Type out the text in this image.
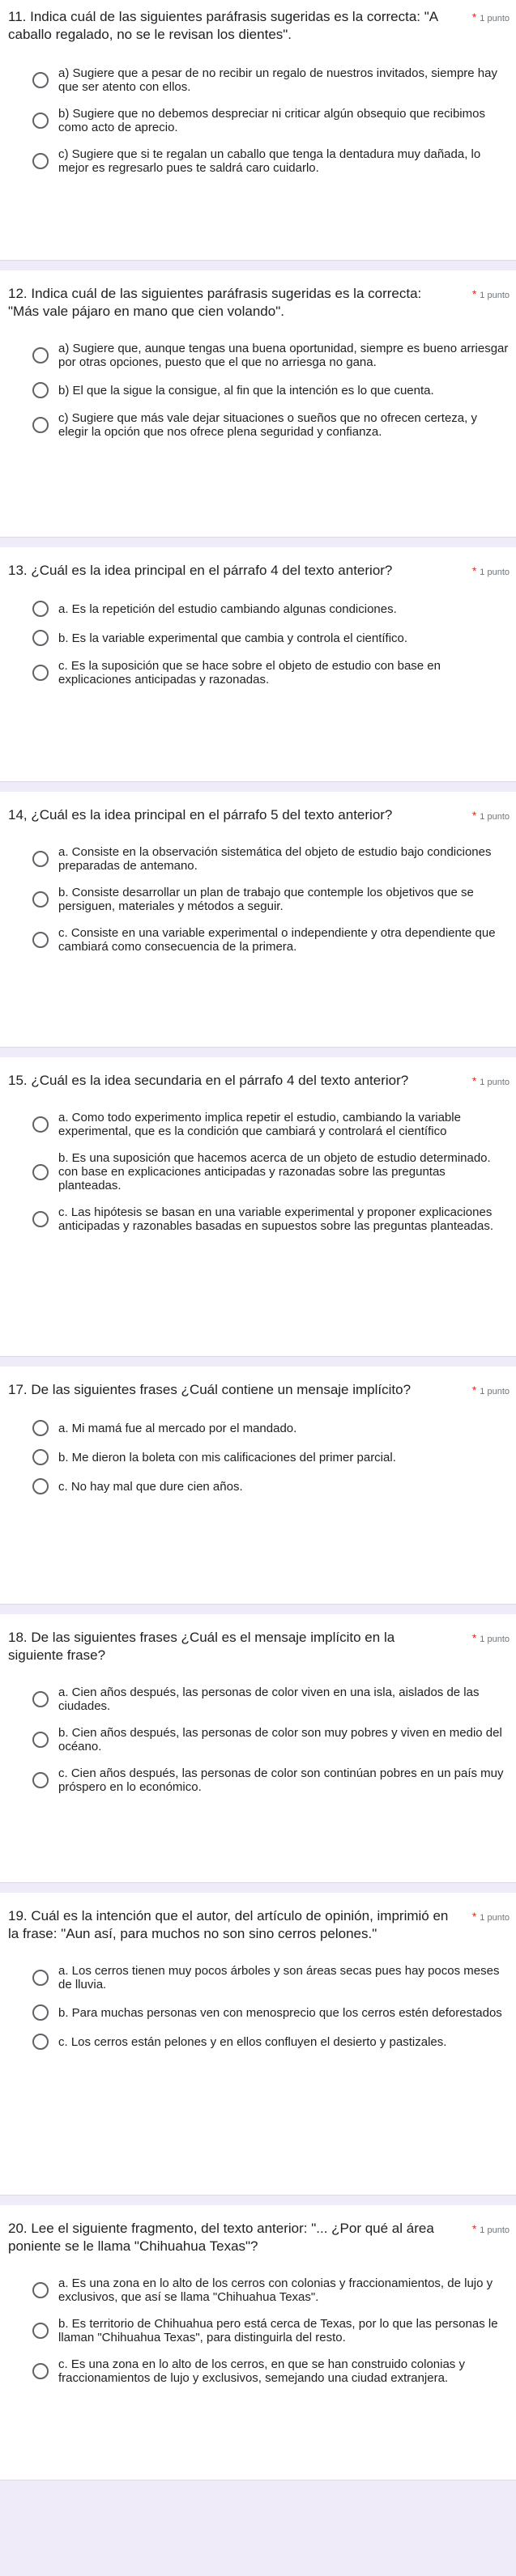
11. Indica cuál de las siguientes paráfrasis sugeridas es la correcta: "A caballo regalado, no se le revisan los dientes".
* 1 punto
a) Sugiere que a pesar de no recibir un regalo de nuestros invitados, siempre hay que ser atento con ellos.
b) Sugiere que no debemos despreciar ni criticar algún obsequio que recibimos como acto de aprecio.
c) Sugiere que si te regalan un caballo que tenga la dentadura muy dañada, lo mejor es regresarlo pues te saldrá caro cuidarlo.
12. Indica cuál de las siguientes paráfrasis sugeridas es la correcta: "Más vale pájaro en mano que cien volando".
* 1 punto
a) Sugiere que, aunque tengas una buena oportunidad, siempre es bueno arriesgar por otras opciones, puesto que el que no arriesga no gana.
b) El que la sigue la consigue, al fin que la intención es lo que cuenta.
c) Sugiere que más vale dejar situaciones o sueños que no ofrecen certeza, y elegir la opción que nos ofrece plena seguridad y confianza.
13. ¿Cuál es la idea principal en el párrafo 4 del texto anterior?	* 1 punto
a. Es la repetición del estudio cambiando algunas condiciones.
b. Es la variable experimental que cambia y controla el científico.
c. Es la suposición que se hace sobre el objeto de estudio con base en explicaciones anticipadas y razonadas.
14, ¿Cuál es la idea principal en el párrafo 5 del texto anterior?	* 1 punto
a. Consiste en la observación sistemática del objeto de estudio bajo condiciones preparadas de antemano.
b. Consiste desarrollar un plan de trabajo que contemple los objetivos que se persiguen, materiales y métodos a seguir.
c. Consiste en una variable experimental o independiente y otra dependiente que cambiará como consecuencia de la primera.
15. ¿Cuál es la idea secundaria en el párrafo 4 del texto anterior?	* 1 punto
a. Como todo experimento implica repetir el estudio, cambiando la variable experimental, que es la condición que cambiará y controlará el científico
b. Es una suposición que hacemos acerca de un objeto de estudio determinado. con base en explicaciones anticipadas y razonadas sobre las preguntas planteadas.
c. Las hipótesis se basan en una variable experimental y proponer explicaciones anticipadas y razonables basadas en supuestos sobre las preguntas planteadas.
17. De las siguientes frases ¿Cuál contiene un mensaje implícito?	* 1 punto
a. Mi mamá fue al mercado por el mandado.
b. Me dieron la boleta con mis calificaciones del primer parcial.
c. No hay mal que dure cien años.
18. De las siguientes frases ¿Cuál es el mensaje implícito en la siguiente frase?
* 1 punto
a. Cien años después, las personas de color viven en una isla, aislados de las ciudades.
b. Cien años después, las personas de color son muy pobres y viven en medio del océano.
c. Cien años después, las personas de color son continúan pobres en un país muy próspero en lo económico.
19. Cuál es la intención que el autor, del artículo de opinión, imprimió en la frase: "Aun así, para muchos no son sino cerros pelones."
* 1 punto
a. Los cerros tienen muy pocos árboles y son áreas secas pues hay pocos meses de lluvia.
b. Para muchas personas ven con menosprecio que los cerros estén deforestados
c. Los cerros están pelones y en ellos confluyen el desierto y pastizales.
20. Lee el siguiente fragmento, del texto anterior: "... ¿Por qué al área poniente se le llama "Chihuahua Texas"?
* 1 punto
a. Es una zona en lo alto de los cerros con colonias y fraccionamientos, de lujo y exclusivos, que así se llama "Chihuahua Texas".
b. Es territorio de Chihuahua pero está cerca de Texas, por lo que las personas le llaman "Chihuahua Texas", para distinguirla del resto.
c. Es una zona en lo alto de los cerros, en que se han construido colonias y fraccionamientos de lujo y exclusivos, semejando una ciudad extranjera.
